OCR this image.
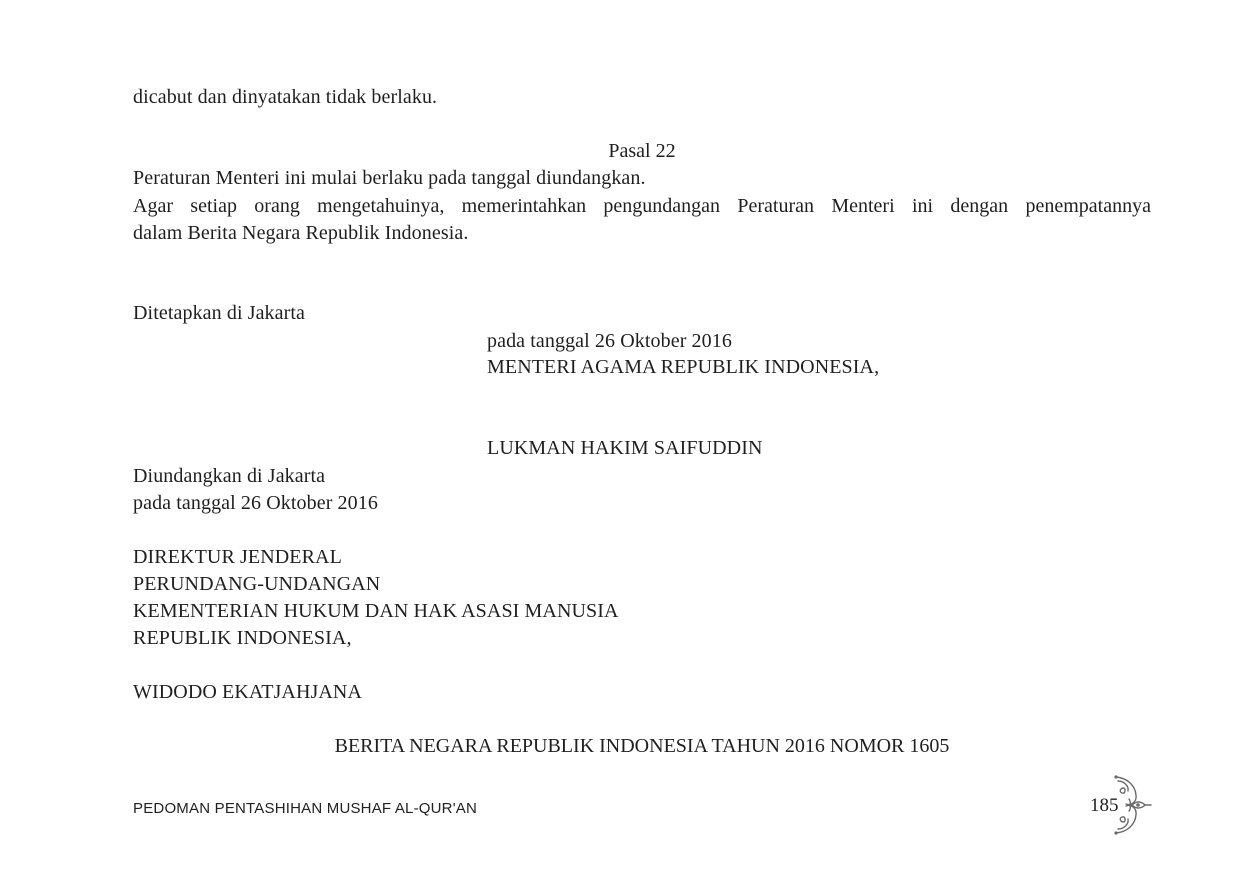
dicabut dan dinyatakan tidak berlaku.
Pasal 22
Peraturan Menteri ini mulai berlaku pada tanggal diundangkan.
Agar setiap orang mengetahuinya, memerintahkan pengundangan Peraturan Menteri ini dengan penempatannya
dalam Berita Negara Republik Indonesia.
Ditetapkan di Jakarta
pada tanggal 26 Oktober 2016
MENTERI AGAMA REPUBLIK INDONESIA,
LUKMAN HAKIM SAIFUDDIN
Diundangkan di Jakarta
pada tanggal 26 Oktober 2016
DIREKTUR JENDERAL
PERUNDANG-UNDANGAN
KEMENTERIAN HUKUM DAN HAK ASASI MANUSIA
REPUBLIK INDONESIA,
WIDODO EKATJAHJANA
BERITA NEGARA REPUBLIK INDONESIA TAHUN 2016 NOMOR 1605
PEDOMAN PENTASHIHAN MUSHAF AL-QUR'AN	185
